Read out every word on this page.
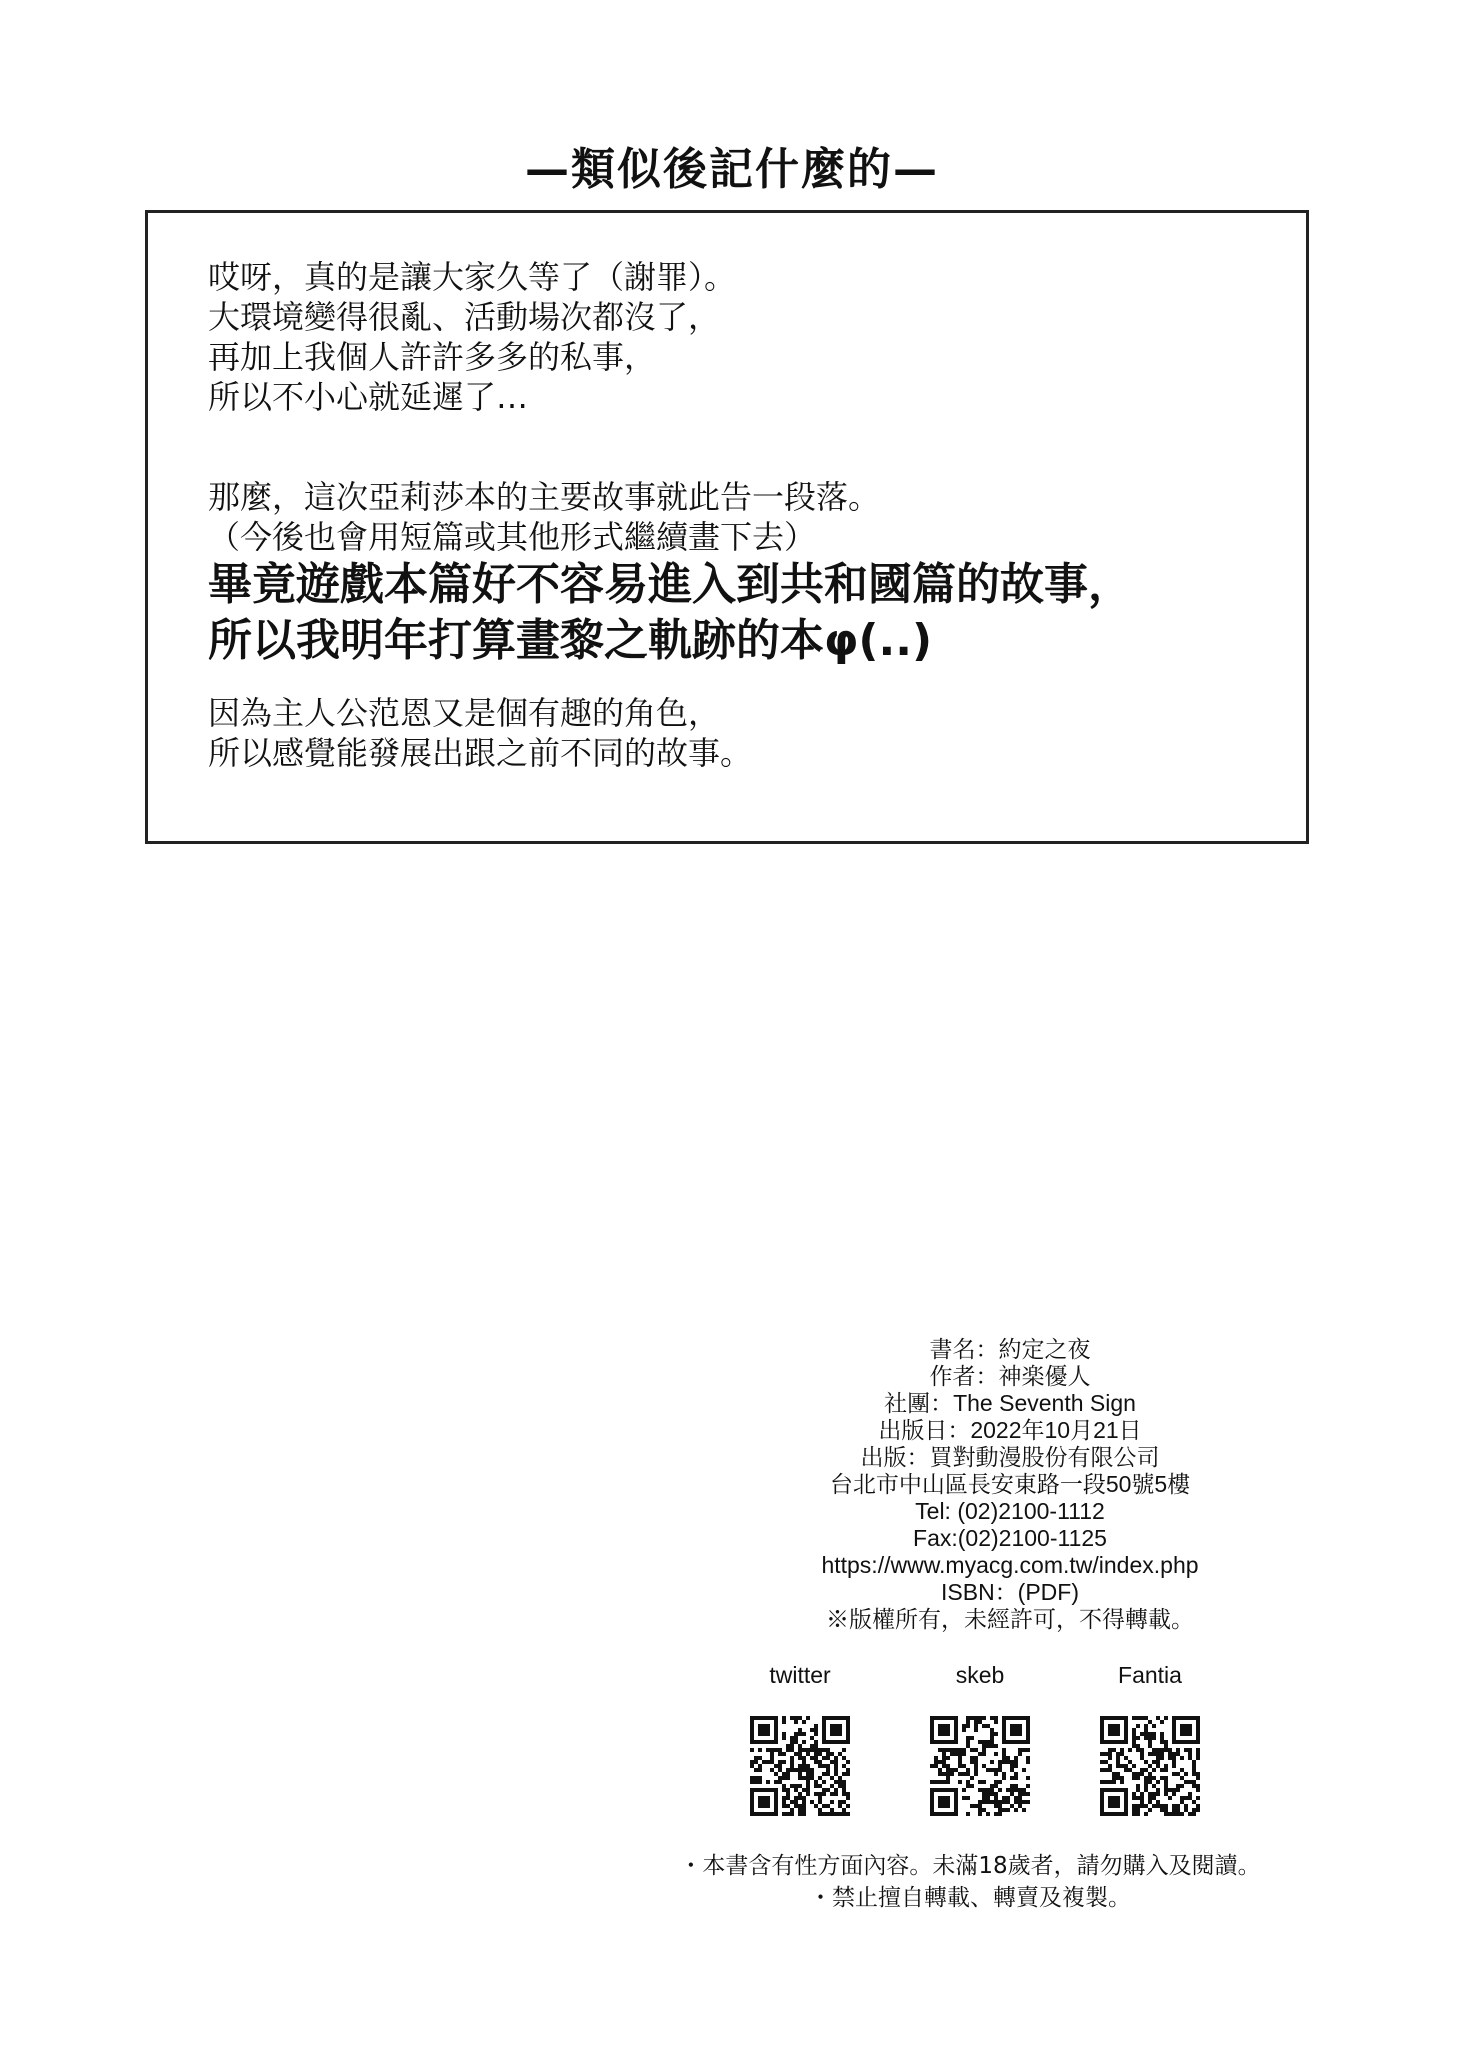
—類似後記什麼的—
哎呀，真的是讓大家久等了（謝罪）。
大環境變得很亂、活動場次都沒了，
再加上我個人許許多多的私事，
所以不小心就延遲了…
那麼，這次亞莉莎本的主要故事就此告一段落。
（今後也會用短篇或其他形式繼續畫下去）
畢竟遊戲本篇好不容易進入到共和國篇的故事，
所以我明年打算畫黎之軌跡的本φ(..)
因為主人公范恩又是個有趣的角色，
所以感覺能發展出跟之前不同的故事。
書名：約定之夜
作者：神楽優人
社團：The Seventh Sign
出版日：2022年10月21日
出版：買對動漫股份有限公司
台北市中山區長安東路一段50號5樓
Tel: (02)2100-1112
Fax:(02)2100-1125
https://www.myacg.com.tw/index.php
ISBN：(PDF)
※版權所有，未經許可，不得轉載。
twitter	skeb	Fantia
・本書含有性方面內容。未滿18歲者，請勿購入及閱讀。
・禁止擅自轉載、轉賣及複製。
